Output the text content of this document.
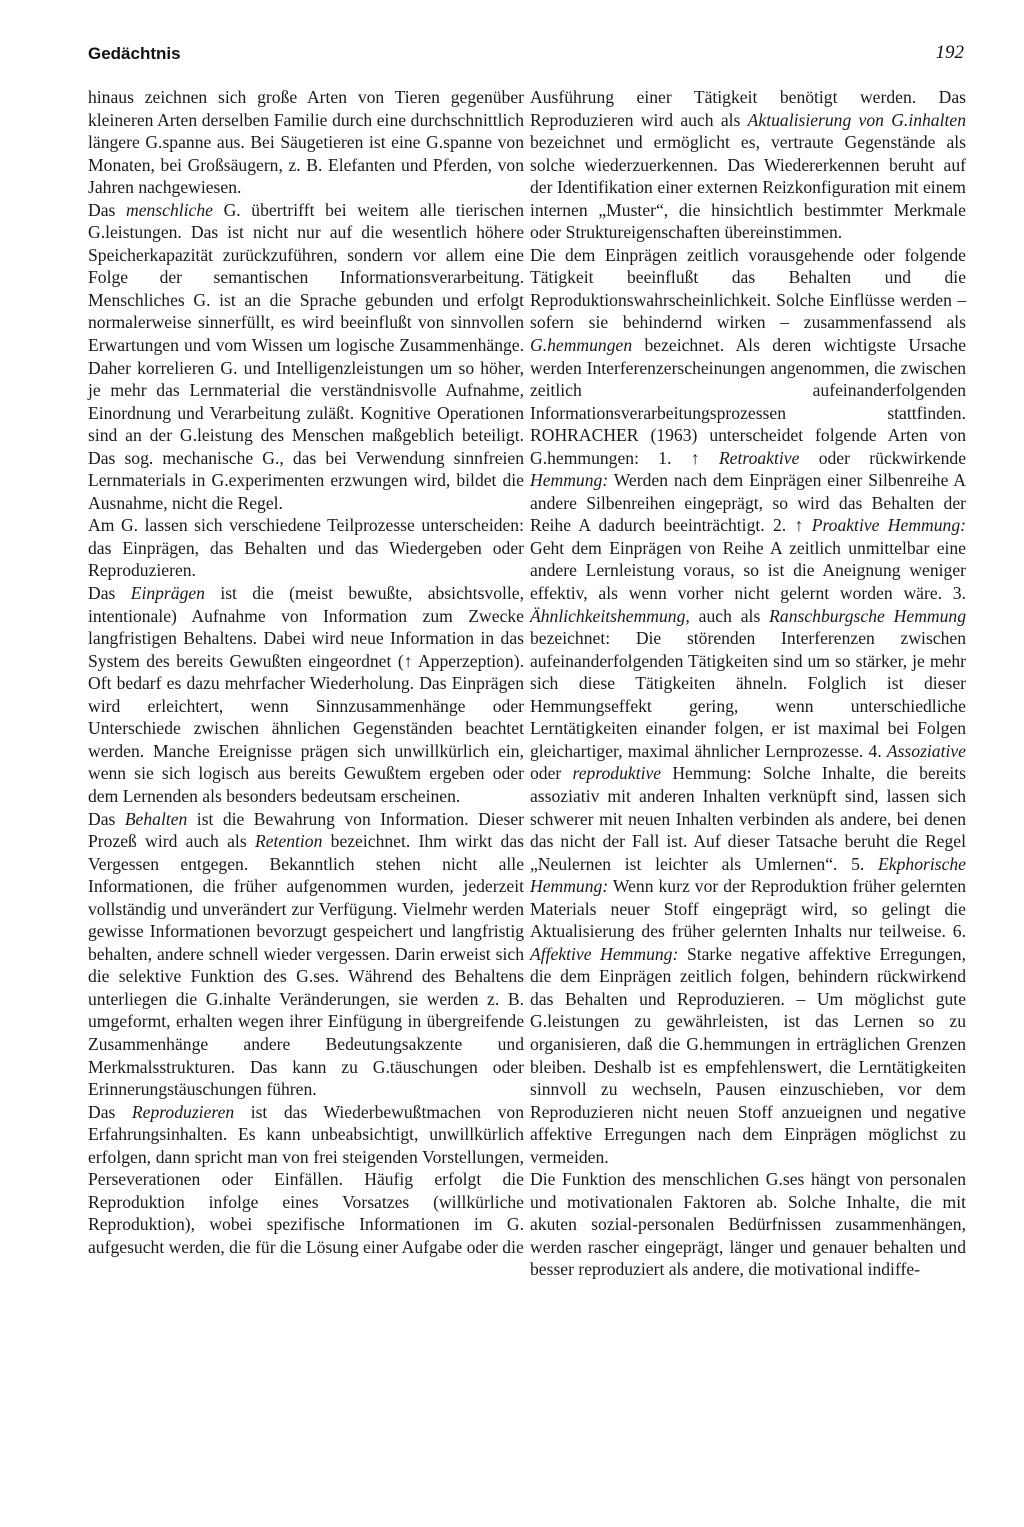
Gedächtnis	192

hinaus zeichnen sich große Arten von Tieren gegenüber kleineren Arten derselben Familie durch eine durchschnittlich längere G.spanne aus. Bei Säugetieren ist eine G.spanne von Monaten, bei Großsäugern, z. B. Elefanten und Pferden, von Jahren nachgewiesen.

Das menschliche G. übertrifft bei weitem alle tierischen G.leistungen. Das ist nicht nur auf die wesentlich höhere Speicherkapazität zurückzuführen, sondern vor allem eine Folge der semantischen Informationsverarbeitung. Menschliches G. ist an die Sprache gebunden und erfolgt normalerweise sinnerfüllt, es wird beeinflußt von sinnvollen Erwartungen und vom Wissen um logische Zusammenhänge. Daher korrelieren G. und Intelligenzleistungen um so höher, je mehr das Lernmaterial die verständnisvolle Aufnahme, Einordnung und Verarbeitung zuläßt. Kognitive Operationen sind an der G.leistung des Menschen maßgeblich beteiligt. Das sog. mechanische G., das bei Verwendung sinnfreien Lernmaterials in G.experimenten erzwungen wird, bildet die Ausnahme, nicht die Regel.

Am G. lassen sich verschiedene Teilprozesse unterscheiden: das Einprägen, das Behalten und das Wiedergeben oder Reproduzieren.

Das Einprägen ist die (meist bewußte, absichtsvolle, intentionale) Aufnahme von Information zum Zwecke langfristigen Behaltens. Dabei wird neue Information in das System des bereits Gewußten eingeordnet (↑ Apperzeption). Oft bedarf es dazu mehrfacher Wiederholung. Das Einprägen wird erleichtert, wenn Sinnzusammenhänge oder Unterschiede zwischen ähnlichen Gegenständen beachtet werden. Manche Ereignisse prägen sich unwillkürlich ein, wenn sie sich logisch aus bereits Gewußtem ergeben oder dem Lernenden als besonders bedeutsam erscheinen.

Das Behalten ist die Bewahrung von Information. Dieser Prozeß wird auch als Retention bezeichnet. Ihm wirkt das Vergessen entgegen. Bekanntlich stehen nicht alle Informationen, die früher aufgenommen wurden, jederzeit vollständig und unverändert zur Verfügung. Vielmehr werden gewisse Informationen bevorzugt gespeichert und langfristig behalten, andere schnell wieder vergessen. Darin erweist sich die selektive Funktion des G.ses. Während des Behaltens unterliegen die G.inhalte Veränderungen, sie werden z. B. umgeformt, erhalten wegen ihrer Einfügung in übergreifende Zusammenhänge andere Bedeutungsakzente und Merkmalsstrukturen. Das kann zu G.täuschungen oder Erinnerungstäuschungen führen.

Das Reproduzieren ist das Wiederbewußtmachen von Erfahrungsinhalten. Es kann unbeabsichtigt, unwillkürlich erfolgen, dann spricht man von frei steigenden Vorstellungen, Perseverationen oder Einfällen. Häufig erfolgt die Reproduktion infolge eines Vorsatzes (willkürliche Reproduktion), wobei spezifische Informationen im G. aufgesucht werden, die für die Lösung einer Aufgabe oder die

Ausführung einer Tätigkeit benötigt werden. Das Reproduzieren wird auch als Aktualisierung von G.inhalten bezeichnet und ermöglicht es, vertraute Gegenstände als solche wiederzuerkennen. Das Wiedererkennen beruht auf der Identifikation einer externen Reizkonfiguration mit einem internen „Muster“, die hinsichtlich bestimmter Merkmale oder Struktureigenschaften übereinstimmen.

Die dem Einprägen zeitlich vorausgehende oder folgende Tätigkeit beeinflußt das Behalten und die Reproduktionswahrscheinlichkeit. Solche Einflüsse werden – sofern sie behindernd wirken – zusammenfassend als G.hemmungen bezeichnet. Als deren wichtigste Ursache werden Interferenzerscheinungen angenommen, die zwischen zeitlich aufeinanderfolgenden Informationsverarbeitungsprozessen stattfinden. ROHRACHER (1963) unterscheidet folgende Arten von G.hemmungen: 1. ↑ Retroaktive oder rückwirkende Hemmung: Werden nach dem Einprägen einer Silbenreihe A andere Silbenreihen eingeprägt, so wird das Behalten der Reihe A dadurch beeinträchtigt. 2. ↑ Proaktive Hemmung: Geht dem Einprägen von Reihe A zeitlich unmittelbar eine andere Lernleistung voraus, so ist die Aneignung weniger effektiv, als wenn vorher nicht gelernt worden wäre. 3. Ähnlichkeitshemmung, auch als Ranschburgsche Hemmung bezeichnet: Die störenden Interferenzen zwischen aufeinanderfolgenden Tätigkeiten sind um so stärker, je mehr sich diese Tätigkeiten ähneln. Folglich ist dieser Hemmungseffekt gering, wenn unterschiedliche Lerntätigkeiten einander folgen, er ist maximal bei Folgen gleichartiger, maximal ähnlicher Lernprozesse. 4. Assoziative oder reproduktive Hemmung: Solche Inhalte, die bereits assoziativ mit anderen Inhalten verknüpft sind, lassen sich schwerer mit neuen Inhalten verbinden als andere, bei denen das nicht der Fall ist. Auf dieser Tatsache beruht die Regel „Neulernen ist leichter als Umlernen“. 5. Ekphorische Hemmung: Wenn kurz vor der Reproduktion früher gelernten Materials neuer Stoff eingeprägt wird, so gelingt die Aktualisierung des früher gelernten Inhalts nur teilweise. 6. Affektive Hemmung: Starke negative affektive Erregungen, die dem Einprägen zeitlich folgen, behindern rückwirkend das Behalten und Reproduzieren. – Um möglichst gute G.leistungen zu gewährleisten, ist das Lernen so zu organisieren, daß die G.hemmungen in erträglichen Grenzen bleiben. Deshalb ist es empfehlenswert, die Lerntätigkeiten sinnvoll zu wechseln, Pausen einzuschieben, vor dem Reproduzieren nicht neuen Stoff anzueignen und negative affektive Erregungen nach dem Einprägen möglichst zu vermeiden.

Die Funktion des menschlichen G.ses hängt von personalen und motivationalen Faktoren ab. Solche Inhalte, die mit akuten sozial-personalen Bedürfnissen zusammenhängen, werden rascher eingeprägt, länger und genauer behalten und besser reproduziert als andere, die motivational indiffe-
